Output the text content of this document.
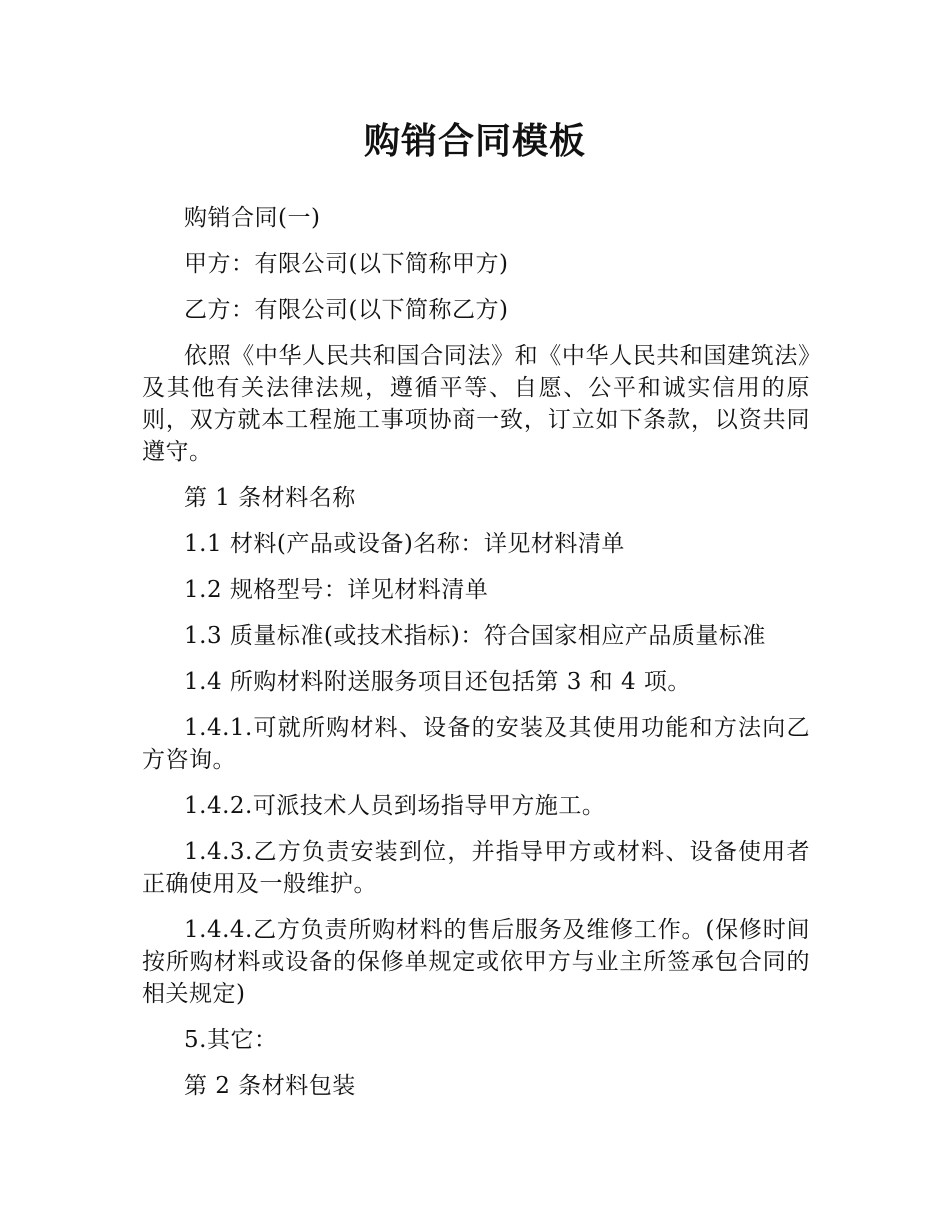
购销合同模板

购销合同(一)

甲方：有限公司(以下简称甲方)

乙方：有限公司(以下简称乙方)

依照《中华人民共和国合同法》和《中华人民共和国建筑法》及其他有关法律法规，遵循平等、自愿、公平和诚实信用的原则，双方就本工程施工事项协商一致，订立如下条款，以资共同遵守。

第 1 条材料名称

1.1 材料(产品或设备)名称：详见材料清单

1.2 规格型号：详见材料清单

1.3 质量标准(或技术指标)：符合国家相应产品质量标准

1.4 所购材料附送服务项目还包括第 3 和 4 项。

1.4.1.可就所购材料、设备的安装及其使用功能和方法向乙方咨询。

1.4.2.可派技术人员到场指导甲方施工。

1.4.3.乙方负责安装到位，并指导甲方或材料、设备使用者正确使用及一般维护。

1.4.4.乙方负责所购材料的售后服务及维修工作。(保修时间按所购材料或设备的保修单规定或依甲方与业主所签承包合同的相关规定)

5.其它：

第 2 条材料包装
